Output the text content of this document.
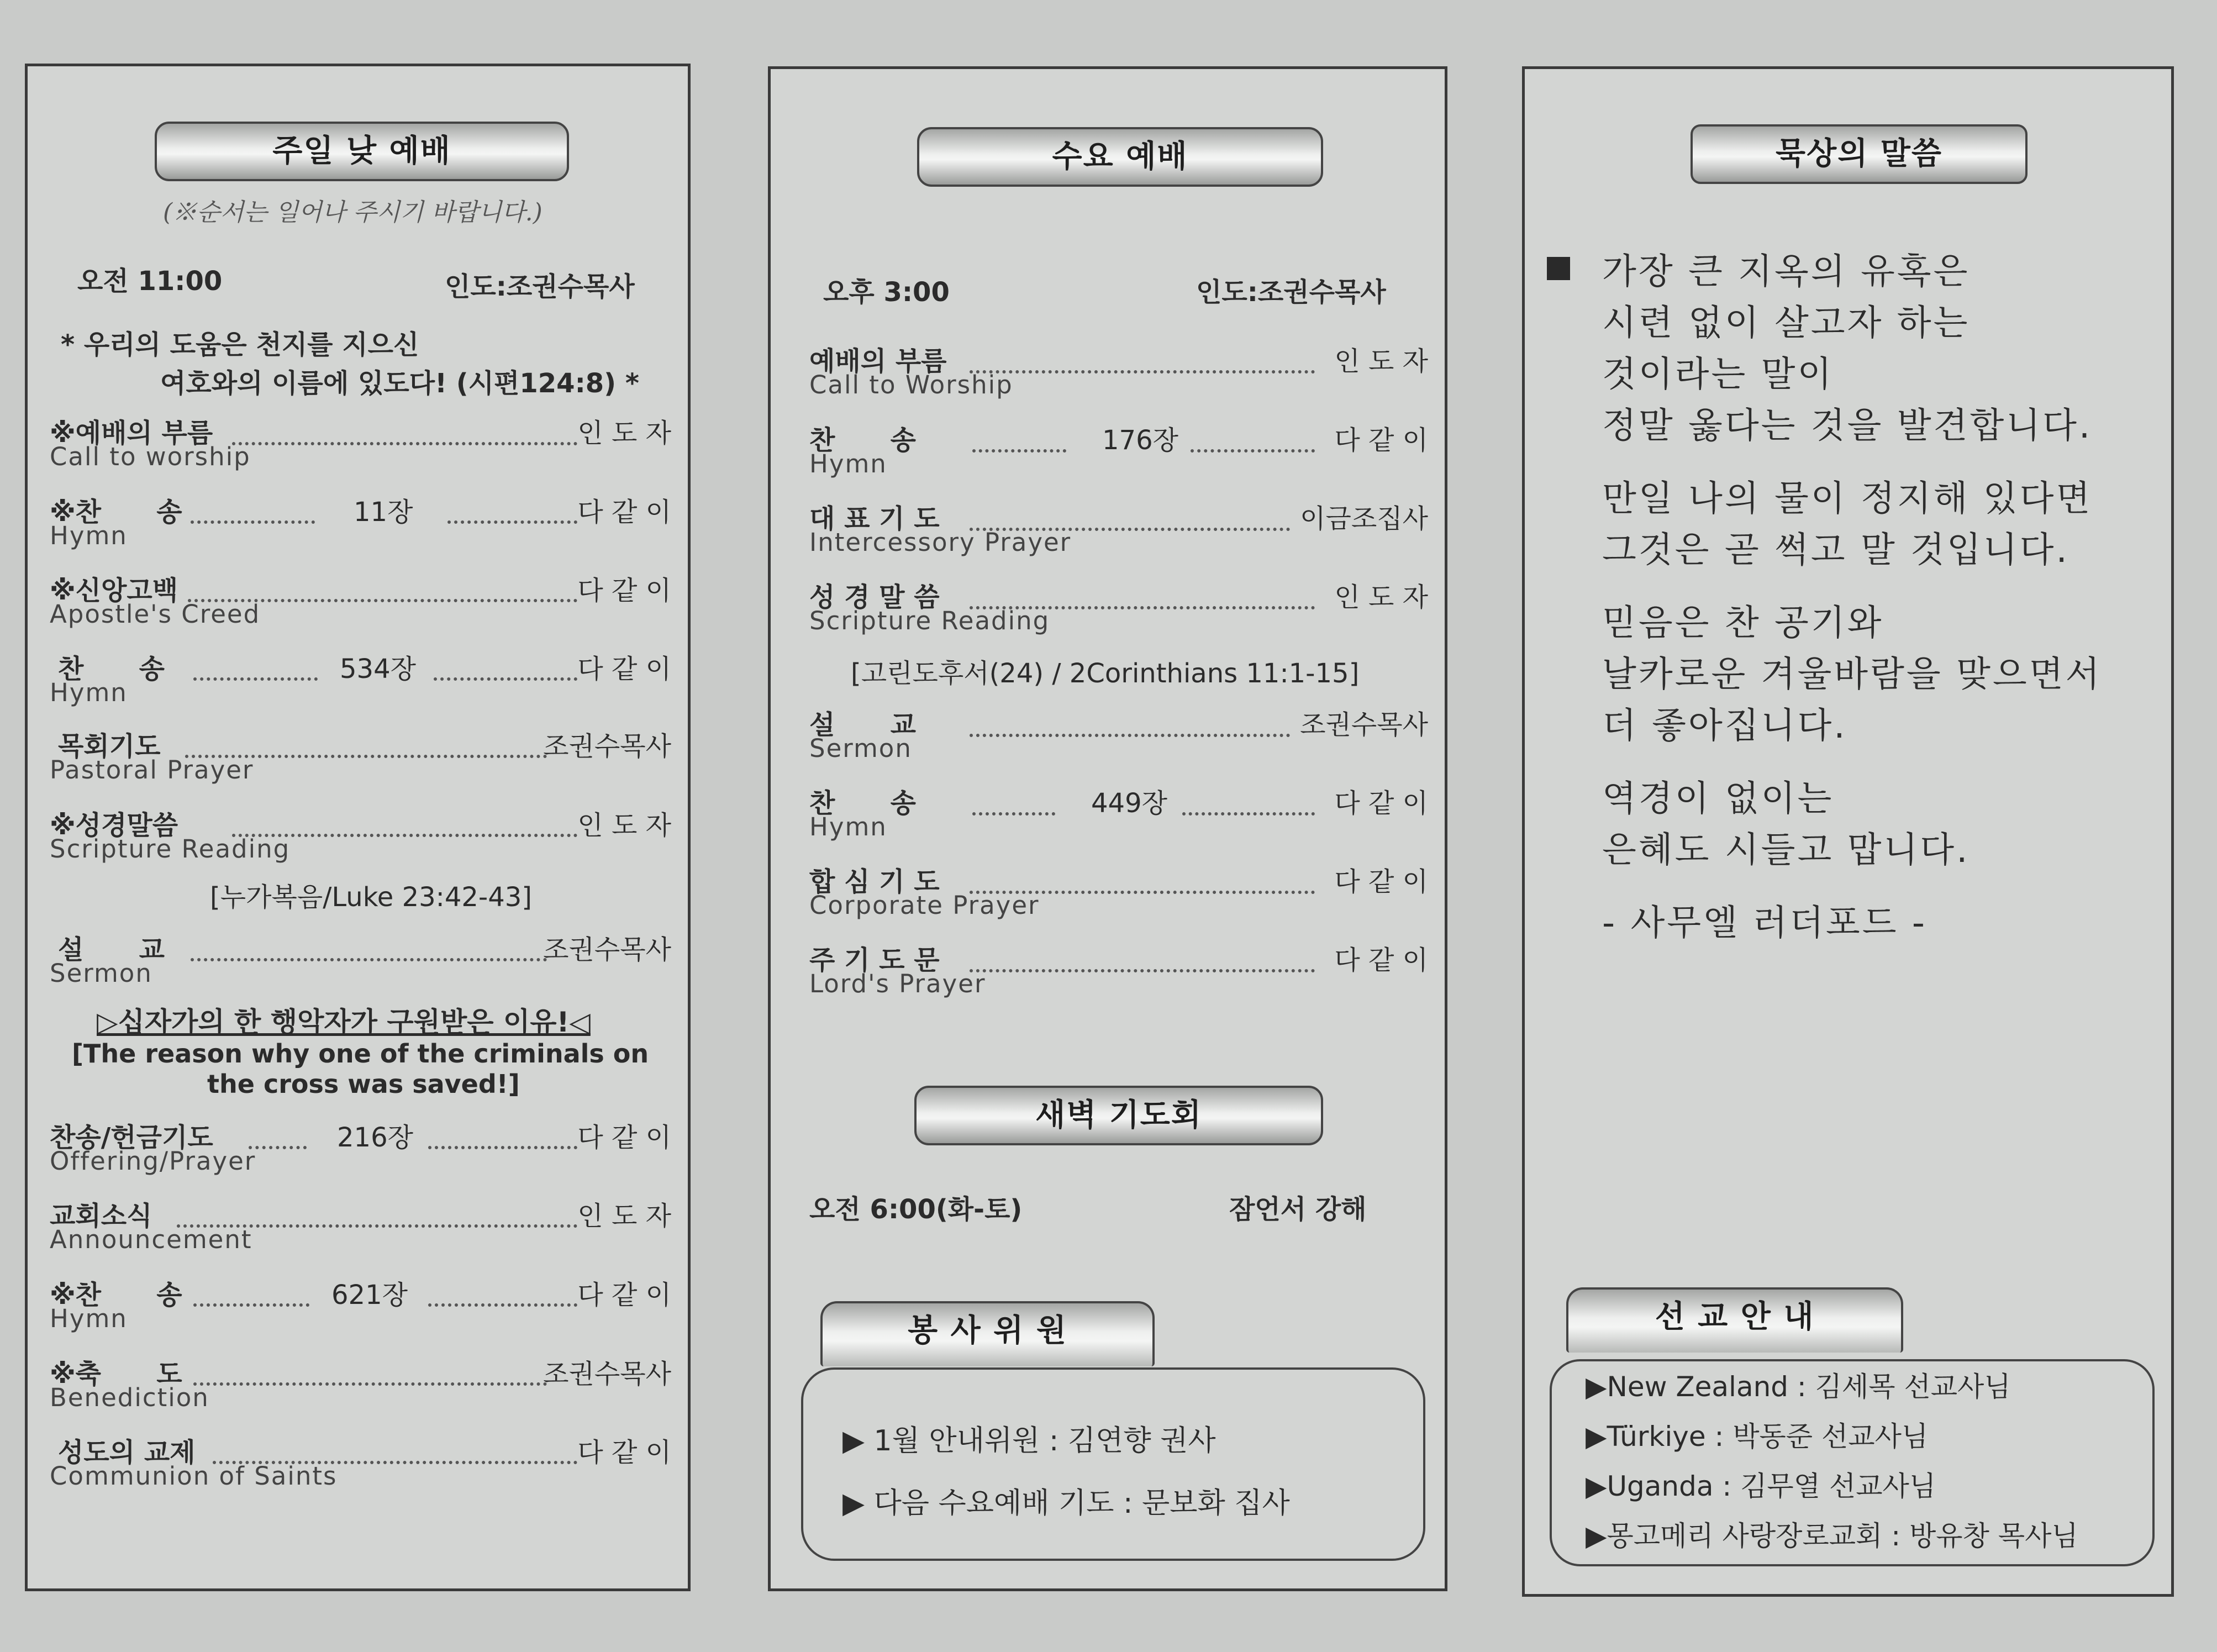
주일 낮 예배
(※순서는 일어나 주시기 바랍니다.)
오전 11:00	인도:조권수목사
* 우리의 도움은 천지를 지으신
여호와의 이름에 있도다! (시편124:8) *
※예배의 부름	인 도 자
Call to worship
※찬      송	11장	다 같 이
Hymn
※신앙고백	다 같 이
Apostle's Creed
찬      송	534장	다 같 이
Hymn
목회기도	조권수목사
Pastoral Prayer
※성경말씀	인 도 자
Scripture Reading
[누가복음/Luke 23:42-43]
설      교	조권수목사
Sermon
▷십자가의 한 행악자가 구원받은 이유!◁
[The reason why one of the criminals on
the cross was saved!]
찬송/헌금기도	216장	다 같 이
Offering/Prayer
교회소식	인 도 자
Announcement
※찬      송	621장	다 같 이
Hymn
※축      도	조권수목사
Benediction
성도의 교제	다 같 이
Communion of Saints
수요 예배
오후 3:00	인도:조권수목사
예배의 부름	인 도 자
Call to Worship
찬      송	176장	다 같 이
Hymn
대 표 기 도	이금조집사
Intercessory Prayer
성 경 말 씀	인 도 자
Scripture Reading
[고린도후서(24) / 2Corinthians 11:1-15]
설      교	조권수목사
Sermon
찬      송	449장	다 같 이
Hymn
합 심 기 도	다 같 이
Corporate Prayer
주 기 도 문	다 같 이
Lord's Prayer
새벽 기도회
오전 6:00(화-토)	잠언서 강해
봉 사 위 원
▶ 1월 안내위원 : 김연향 권사
▶ 다음 수요예배 기도 : 문보화 집사
묵상의 말씀
가장 큰 지옥의 유혹은
시련 없이 살고자 하는
것이라는 말이
정말 옳다는 것을 발견합니다.
만일 나의 물이 정지해 있다면
그것은 곧 썩고 말 것입니다.
믿음은 찬 공기와
날카로운 겨울바람을 맞으면서
더 좋아집니다.
역경이 없이는
은혜도 시들고 맙니다.
- 사무엘 러더포드 -
선 교 안 내
▶New Zealand : 김세목 선교사님
▶Türkiye : 박동준 선교사님
▶Uganda : 김무열 선교사님
▶몽고메리 사랑장로교회 : 방유창 목사님
